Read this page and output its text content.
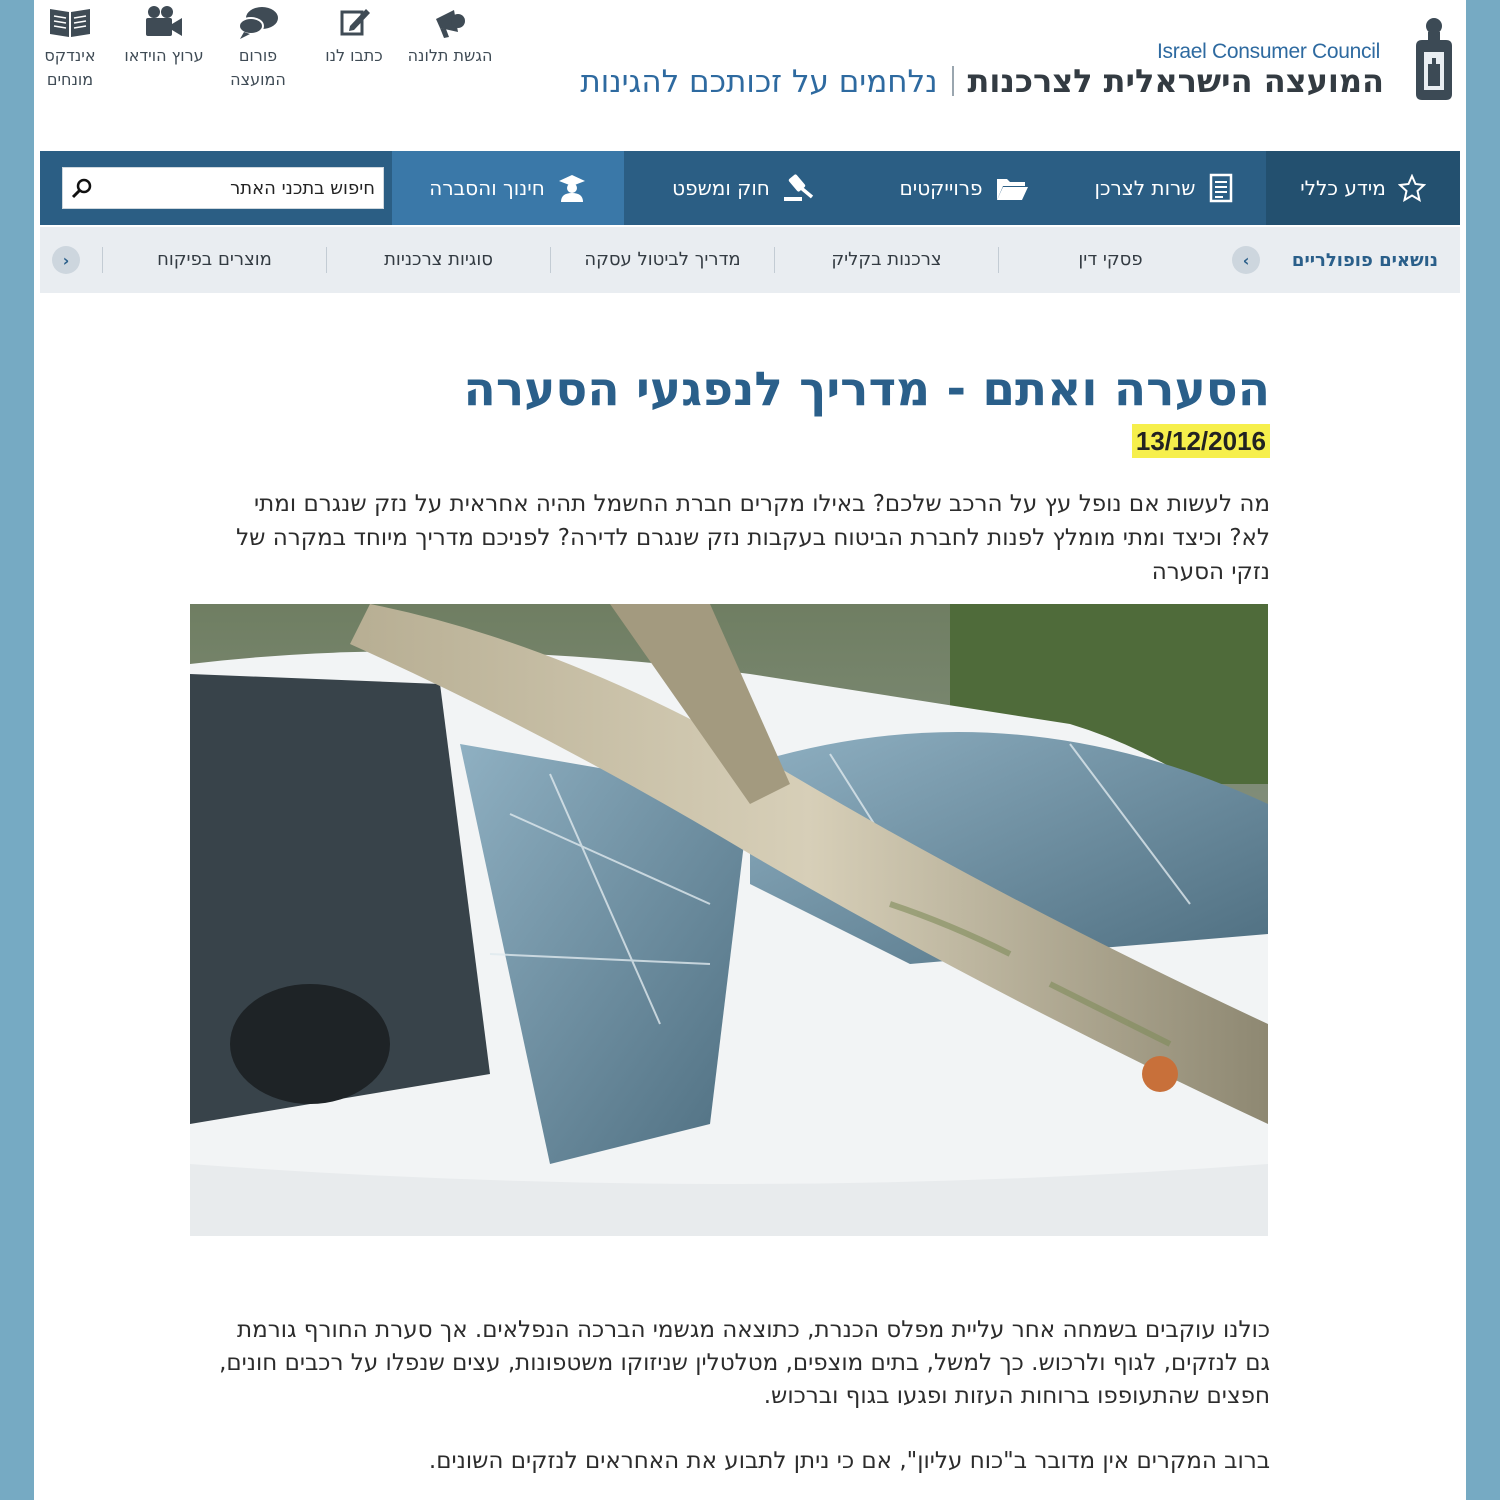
אינדקס מונחים
ערוץ הוידאו	פורום המועצה
כתבו לנו	הגשת תלונה	Israel Consumer Council
המועצה הישראלית לצרכנותנלחמים על זכותכם להגינות
מידע כללי
שרות לצרכן
פרוייקטים
חוק ומשפט
חינוך והסברה
חיפוש בתכני האתר
נושאים פופולריים
›
פסקי דין
צרכנות בקליק
מדריך לביטול עסקה
סוגיות צרכניות
מוצרים בפיקוח
‹
הסערה ואתם - מדריך לנפגעי הסערה
13/12/2016

מה לעשות אם נופל עץ על הרכב שלכם? באילו מקרים חברת החשמל תהיה אחראית על נזק שנגרם ומתי לא? וכיצד ומתי מומלץ לפנות לחברת הביטוח בעקבות נזק שנגרם לדירה? לפניכם מדריך מיוחד במקרה של נזקי הסערה

כולנו עוקבים בשמחה אחר עליית מפלס הכנרת, כתוצאה מגשמי הברכה הנפלאים. אך סערת החורף גורמת גם לנזקים, לגוף ולרכוש. כך למשל, בתים מוצפים, מטלטלין שניזוקו משטפונות, עצים שנפלו על רכבים חונים, חפצים שהתעופפו ברוחות העזות ופגעו בגוף וברכוש.

ברוב המקרים אין מדובר ב"כוח עליון", אם כי ניתן לתבוע את האחראים לנזקים השונים.
